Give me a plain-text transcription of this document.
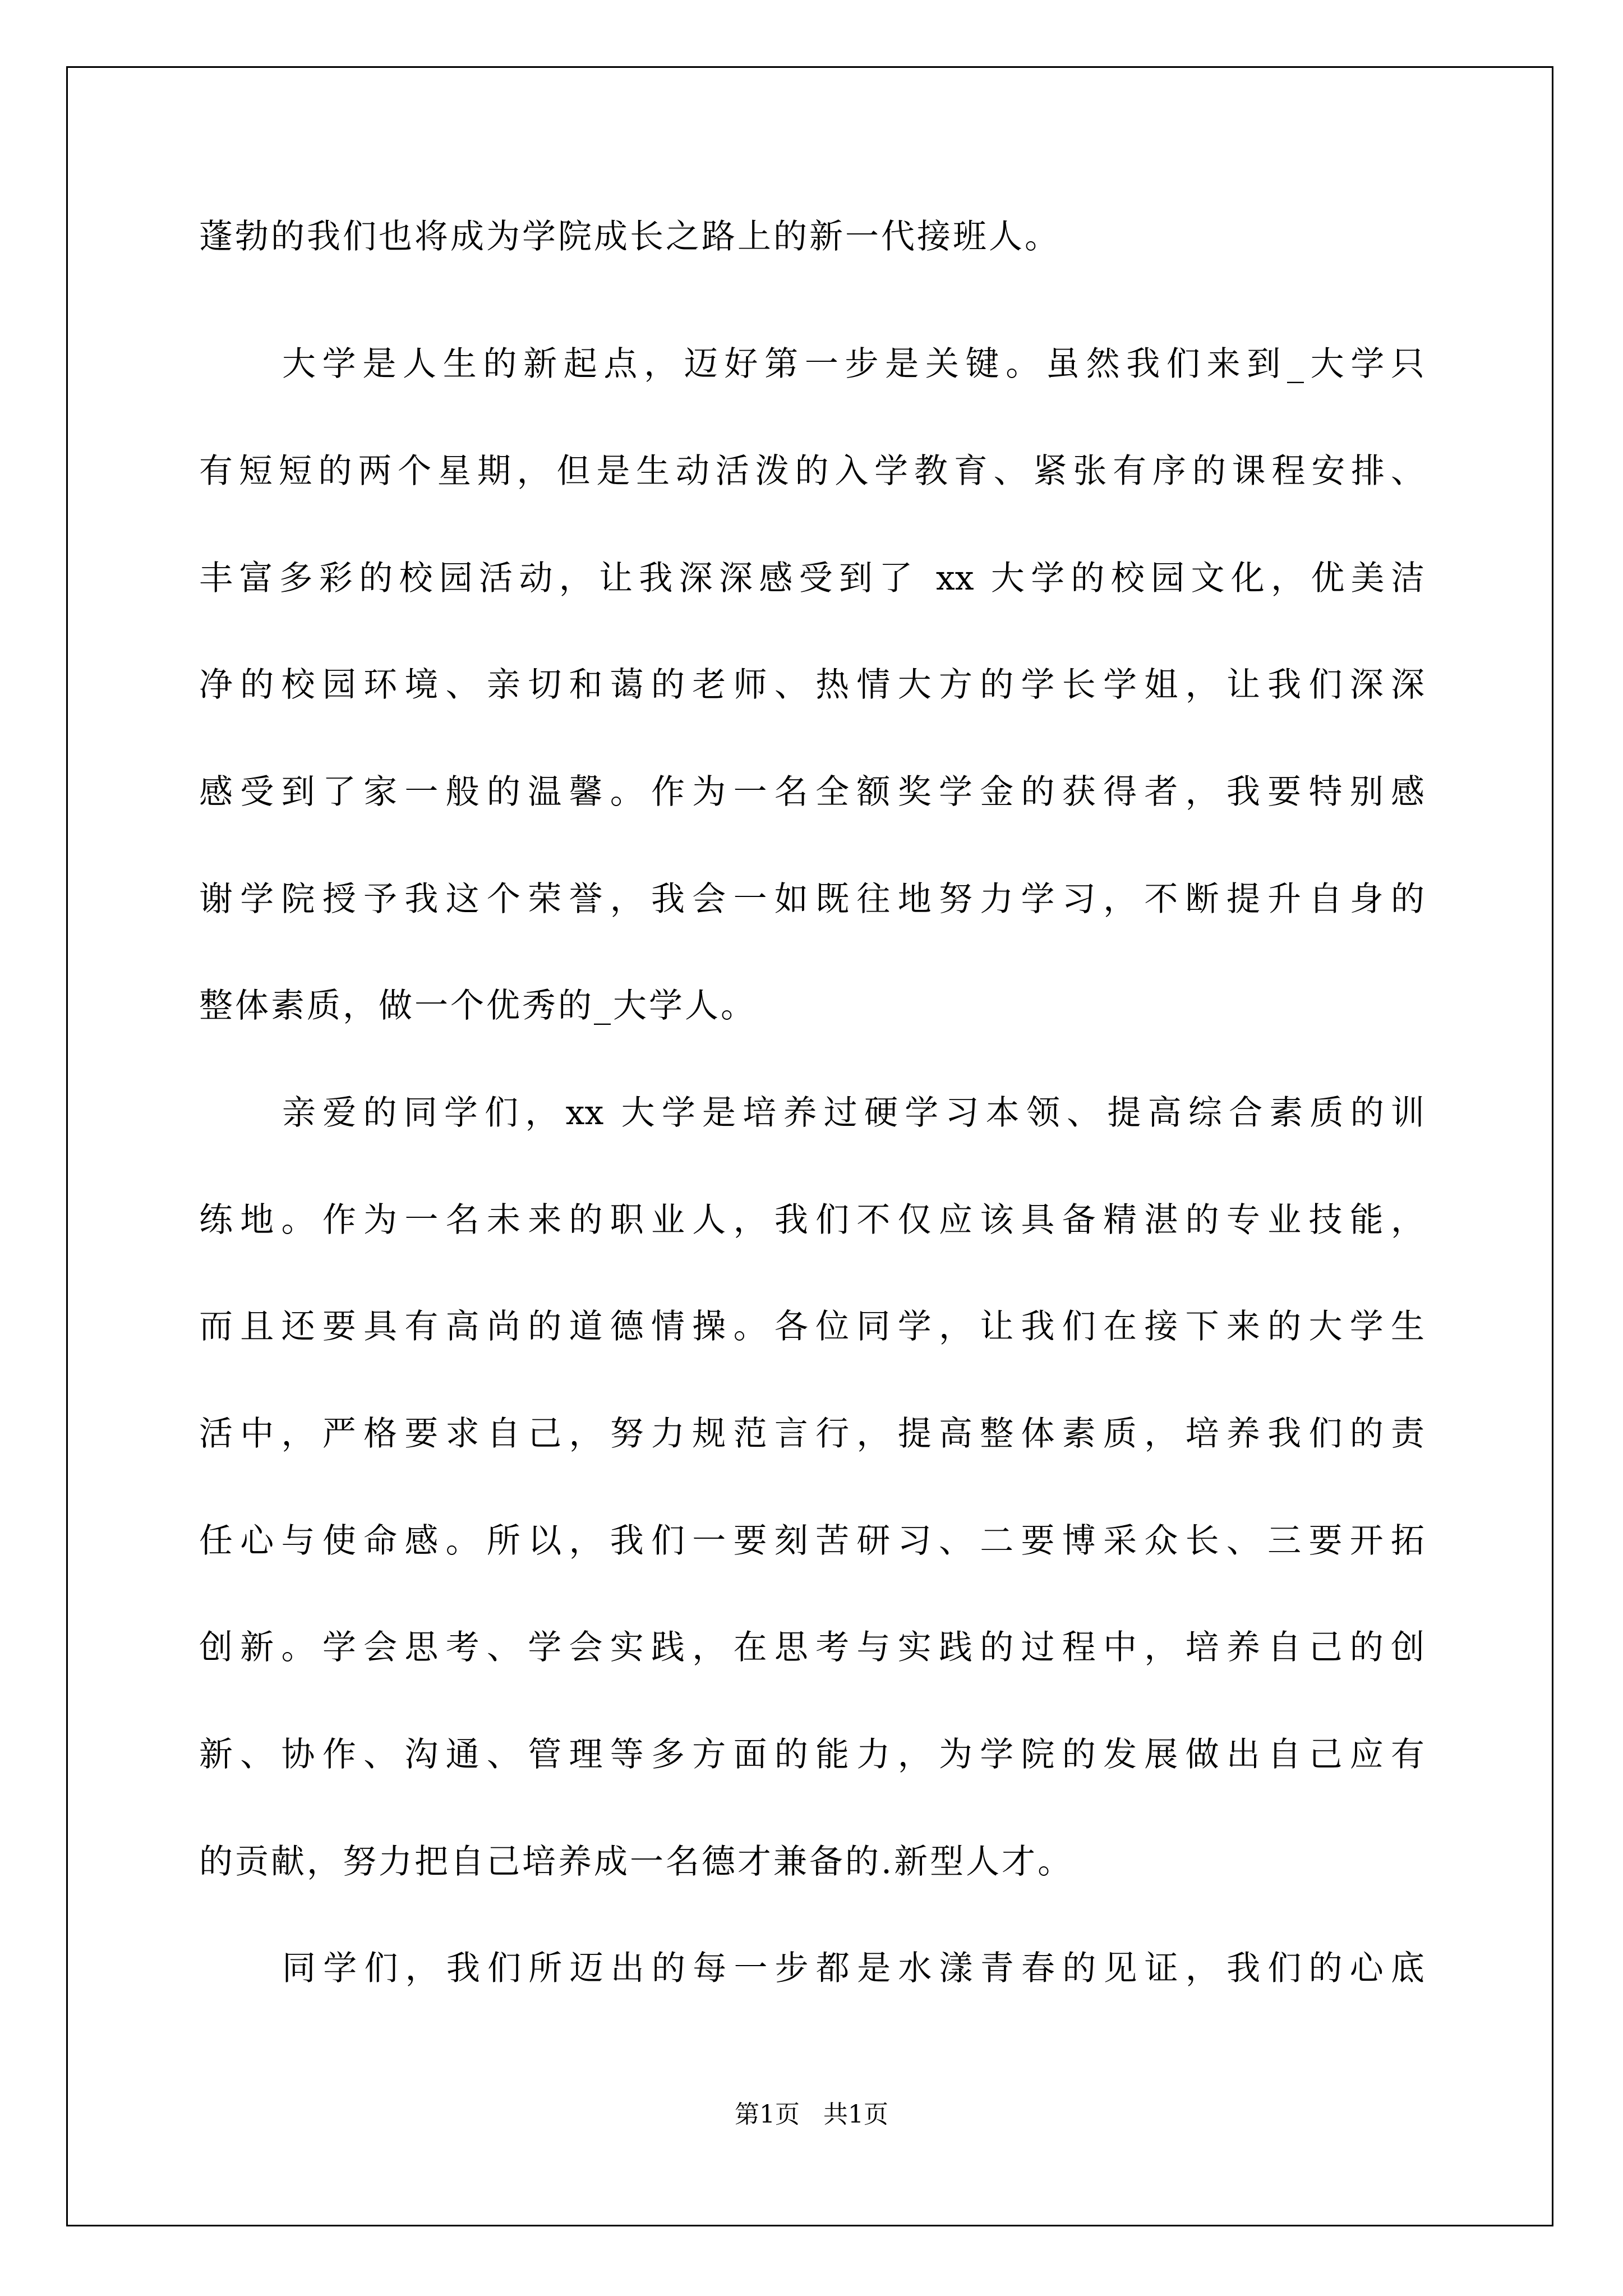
蓬勃的我们也将成为学院成长之路上的新一代接班人。

大学是人生的新起点，迈好第一步是关键。虽然我们来到_大学只

有短短的两个星期，但是生动活泼的入学教育、紧张有序的课程安排、

丰富多彩的校园活动，让我深深感受到了 xx 大学的校园文化，优美洁

净的校园环境、亲切和蔼的老师、热情大方的学长学姐，让我们深深

感受到了家一般的温馨。作为一名全额奖学金的获得者，我要特别感

谢学院授予我这个荣誉，我会一如既往地努力学习，不断提升自身的

整体素质，做一个优秀的_大学人。

亲爱的同学们，xx 大学是培养过硬学习本领、提高综合素质的训

练地。作为一名未来的职业人，我们不仅应该具备精湛的专业技能，

而且还要具有高尚的道德情操。各位同学，让我们在接下来的大学生

活中，严格要求自己，努力规范言行，提高整体素质，培养我们的责

任心与使命感。所以，我们一要刻苦研习、二要博采众长、三要开拓

创新。学会思考、学会实践，在思考与实践的过程中，培养自己的创

新、协作、沟通、管理等多方面的能力，为学院的发展做出自己应有

的贡献，努力把自己培养成一名德才兼备的.新型人才。

同学们，我们所迈出的每一步都是水漾青春的见证，我们的心底

第1页   共1页
